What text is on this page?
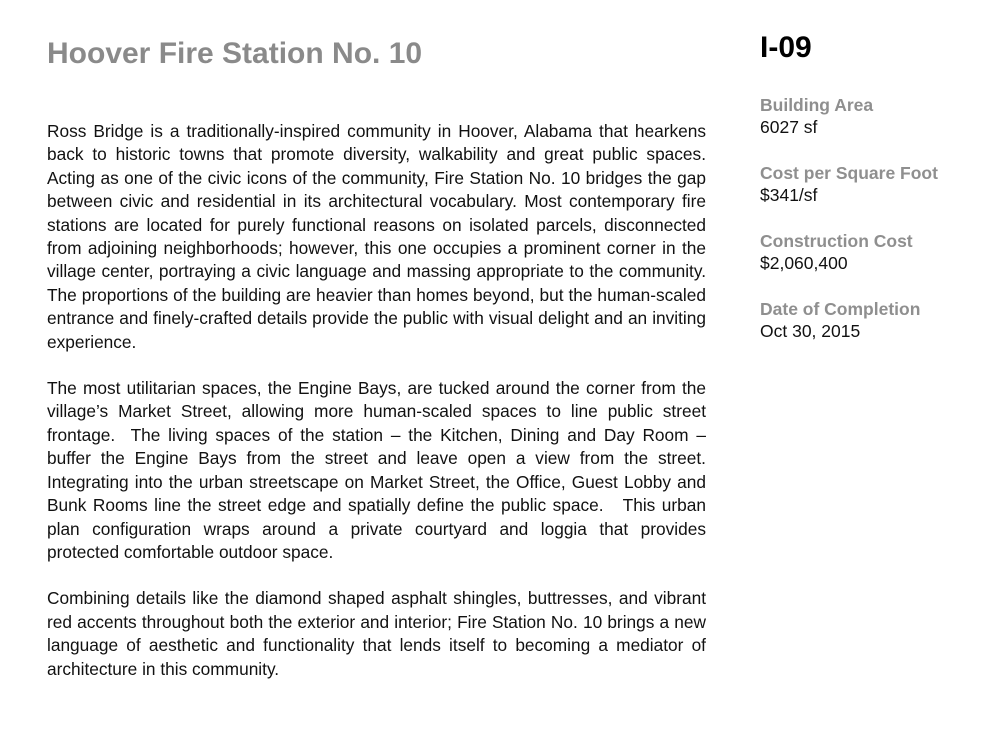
Hoover Fire Station No. 10

Ross Bridge is a traditionally-inspired community in Hoover, Alabama that hearkens back to historic towns that promote diversity, walkability and great public spaces.   Acting as one of the civic icons of the community, Fire Station No. 10 bridges the gap between civic and residential in its architectural vocabulary. Most contemporary fire stations are located for purely functional reasons on isolated parcels, disconnected from adjoining neighborhoods; however, this one occupies a prominent corner in the village center, portraying a civic language and massing appropriate to the community. The proportions of the building are heavier than homes beyond, but the human-scaled entrance and finely-crafted details provide the public with visual delight and an inviting experience.

The most utilitarian spaces, the Engine Bays, are tucked around the corner from the village’s Market Street, allowing more human-scaled spaces to line public street frontage.  The living spaces of the station – the Kitchen, Dining and Day Room – buffer the Engine Bays from the street and leave open a view from the street. Integrating into the urban streetscape on Market Street, the Office, Guest Lobby and Bunk Rooms line the street edge and spatially define the public space.   This urban plan configuration wraps around a private courtyard and loggia that provides protected comfortable outdoor space.

Combining details like the diamond shaped asphalt shingles, buttresses, and vibrant red accents throughout both the exterior and interior; Fire Station No. 10 brings a new language of aesthetic and functionality that lends itself to becoming a mediator of architecture in this community.

I-09
Building Area
6027 sf
Cost per Square Foot
$341/sf
Construction Cost
$2,060,400
Date of Completion
Oct 30, 2015
